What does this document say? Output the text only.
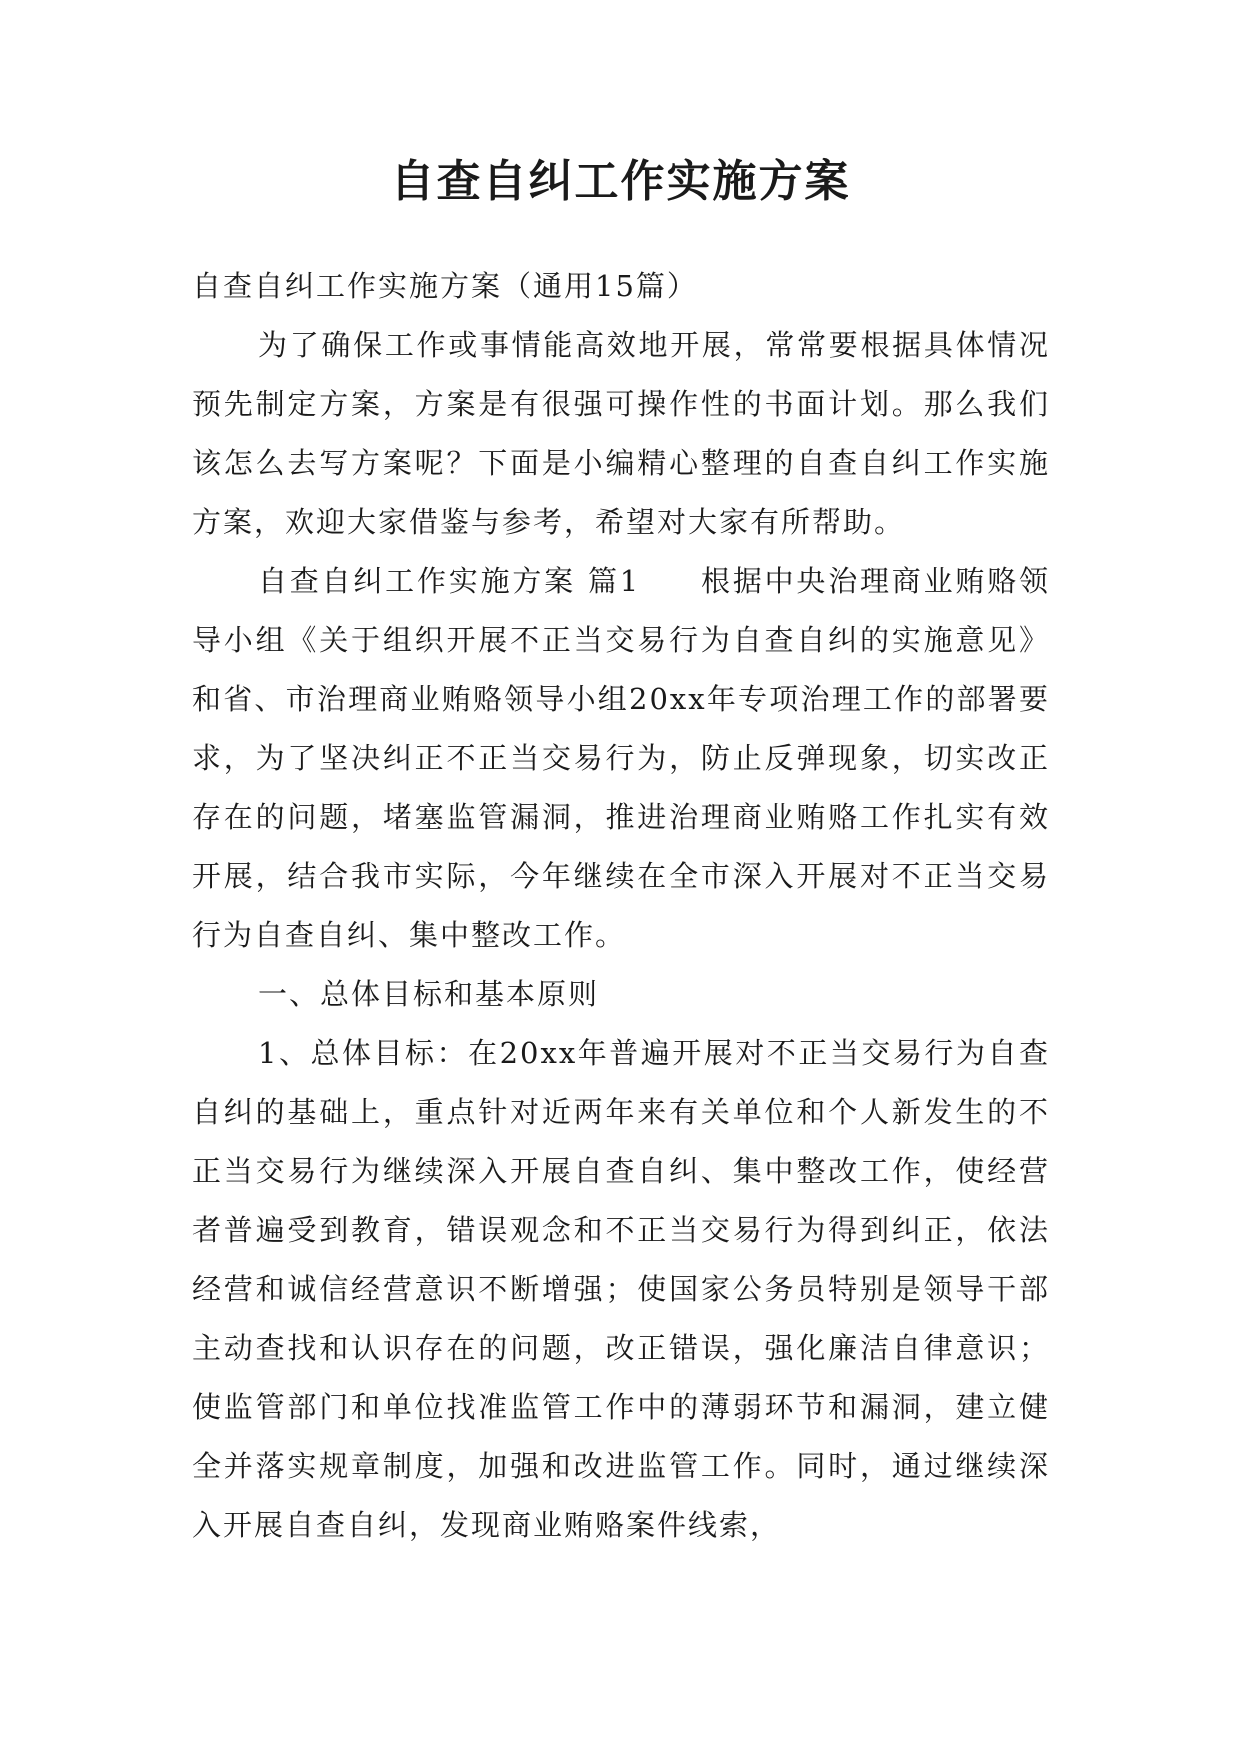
自查自纠工作实施方案

自查自纠工作实施方案（通用15篇）

为了确保工作或事情能高效地开展，常常要根据具体情况预先制定方案，方案是有很强可操作性的书面计划。那么我们该怎么去写方案呢？下面是小编精心整理的自查自纠工作实施方案，欢迎大家借鉴与参考，希望对大家有所帮助。

自查自纠工作实施方案 篇1 根据中央治理商业贿赂领导小组《关于组织开展不正当交易行为自查自纠的实施意见》和省、市治理商业贿赂领导小组20xx年专项治理工作的部署要求，为了坚决纠正不正当交易行为，防止反弹现象，切实改正存在的问题，堵塞监管漏洞，推进治理商业贿赂工作扎实有效开展，结合我市实际，今年继续在全市深入开展对不正当交易行为自查自纠、集中整改工作。

一、总体目标和基本原则

1、总体目标：在20xx年普遍开展对不正当交易行为自查自纠的基础上，重点针对近两年来有关单位和个人新发生的不正当交易行为继续深入开展自查自纠、集中整改工作，使经营者普遍受到教育，错误观念和不正当交易行为得到纠正，依法经营和诚信经营意识不断增强；使国家公务员特别是领导干部主动查找和认识存在的问题，改正错误，强化廉洁自律意识；使监管部门和单位找准监管工作中的薄弱环节和漏洞，建立健全并落实规章制度，加强和改进监管工作。同时，通过继续深入开展自查自纠，发现商业贿赂案件线索，
